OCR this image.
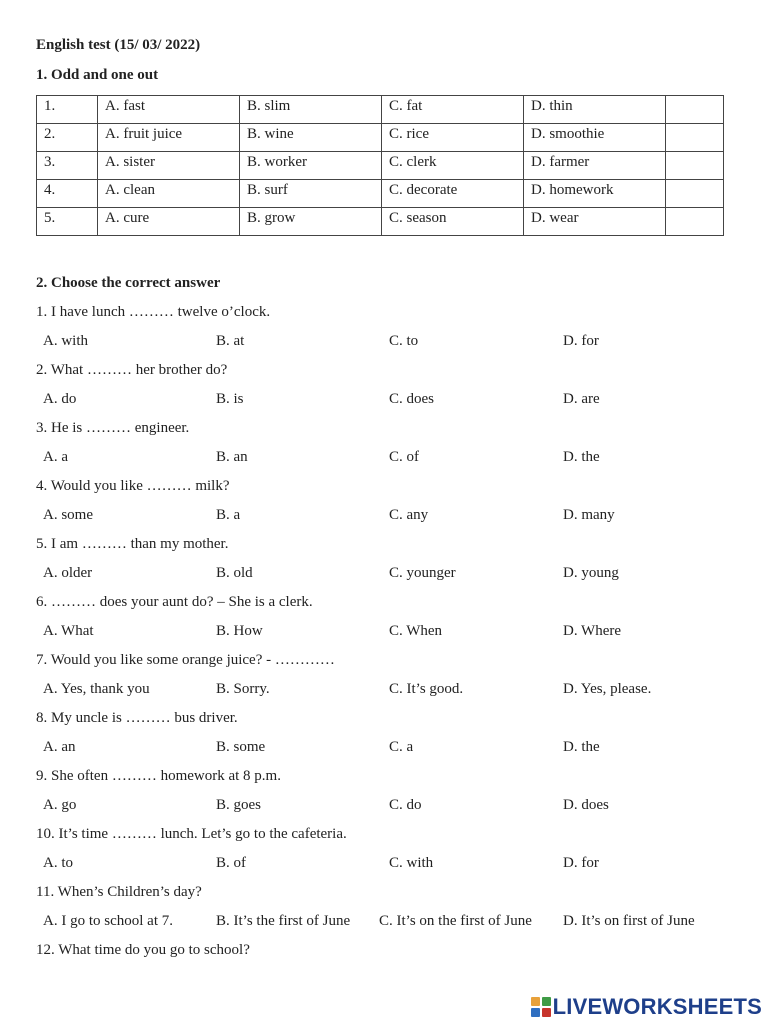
English test (15/ 03/ 2022)
1. Odd and one out
1.	A. fast	B. slim	C. fat	D. thin	
2.	A. fruit juice	B. wine	C. rice	D. smoothie	
3.	A. sister	B. worker	C. clerk	D. farmer	
4.	A. clean	B. surf	C. decorate	D. homework	
5.	A. cure	B. grow	C. season	D. wear	
2. Choose the correct answer
1. I have lunch ……… twelve o’clock.
A. with	B. at	C. to	D. for
2. What ……… her brother do?
A. do	B. is	C. does	D. are
3. He is ……… engineer.
A. a	B. an	C. of	D. the
4. Would you like ……… milk?
A. some	B. a	C. any	D. many
5. I am ……… than my mother.
A. older	B. old	C. younger	D. young
6. ……… does your aunt do? – She is a clerk.
A. What	B. How	C. When	D. Where
7. Would you like some orange juice? - …………
A. Yes, thank you	B. Sorry.	C. It’s good.	D. Yes, please.
8. My uncle is ……… bus driver.
A. an	B. some	C. a	D. the
9. She often ……… homework at 8 p.m.
A. go	B. goes	C. do	D. does
10. It’s time ……… lunch. Let’s go to the cafeteria.
A. to	B. of	C. with	D. for
11. When’s Children’s day?
A. I go to school at 7.	B. It’s the first of June C. It’s on the first of June D. It’s on first of June
12. What time do you go to school?
LIVEWORKSHEETS
